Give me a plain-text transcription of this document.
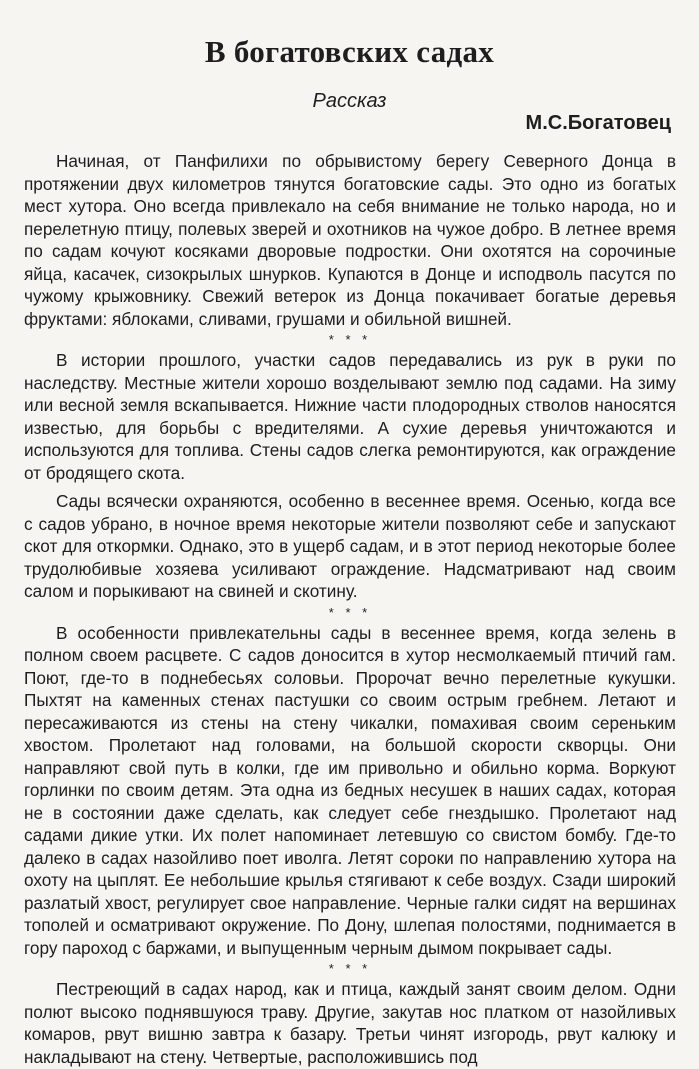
В богатовских садах
Рассказ
М.С.Богатовец

Начиная, от Панфилихи по обрывистому берегу Северного Донца в протяжении двух километров тянутся богатовские сады. Это одно из богатых мест хутора. Оно всегда привлекало на себя внимание не только народа, но и перелетную птицу, полевых зверей и охотников на чужое добро. В летнее время по садам кочуют косяками дворовые подростки. Они охотятся на сорочиные яйца, касачек, сизокрылых шнурков. Купаются в Донце и исподволь пасутся по чужому крыжовнику. Свежий ветерок из Донца покачивает богатые деревья фруктами: яблоками, сливами, грушами и обильной вишней.

* * *

В истории прошлого, участки садов передавались из рук в руки по наследству. Местные жители хорошо возделывают землю под садами. На зиму или весной земля вскапывается. Нижние части плодородных стволов наносятся известью, для борьбы с вредителями. А сухие деревья уничтожаются и используются для топлива. Стены садов слегка ремонтируются, как ограждение от бродящего скота.

Сады всячески охраняются, особенно в весеннее время. Осенью, когда все с садов убрано, в ночное время некоторые жители позволяют себе и запускают скот для откормки. Однако, это в ущерб садам, и в этот период некоторые более трудолюбивые хозяева усиливают ограждение. Надсматривают над своим салом и порыкивают на свиней и скотину.

* * *

В особенности привлекательны сады в весеннее время, когда зелень в полном своем расцвете. С садов доносится в хутор несмолкаемый птичий гам. Поют, где-то в поднебесьях соловьи. Пророчат вечно перелетные кукушки. Пыхтят на каменных стенах пастушки со своим острым гребнем. Летают и пересаживаются из стены на стену чикалки, помахивая своим сереньким хвостом. Пролетают над головами, на большой скорости скворцы. Они направляют свой путь в колки, где им привольно и обильно корма. Воркуют горлинки по своим детям. Эта одна из бедных несушек в наших садах, которая не в состоянии даже сделать, как следует себе гнездышко. Пролетают над садами дикие утки. Их полет напоминает летевшую со свистом бомбу. Где-то далеко в садах назойливо поет иволга. Летят сороки по направлению хутора на охоту на цыплят. Ее небольшие крылья стягивают к себе воздух. Сзади широкий разлатый хвост, регулирует свое направление. Черные галки сидят на вершинах тополей и осматривают окружение. По Дону, шлепая полостями, поднимается в гору пароход с баржами, и выпущенным черным дымом покрывает сады.

* * *

Пестреющий в садах народ, как и птица, каждый занят своим делом. Одни полют высоко поднявшуюся траву. Другие, закутав нос платком от назойливых комаров, рвут вишню завтра к базару. Третьи чинят изгородь, рвут калюку и накладывают на стену. Четвертые, расположившись под
